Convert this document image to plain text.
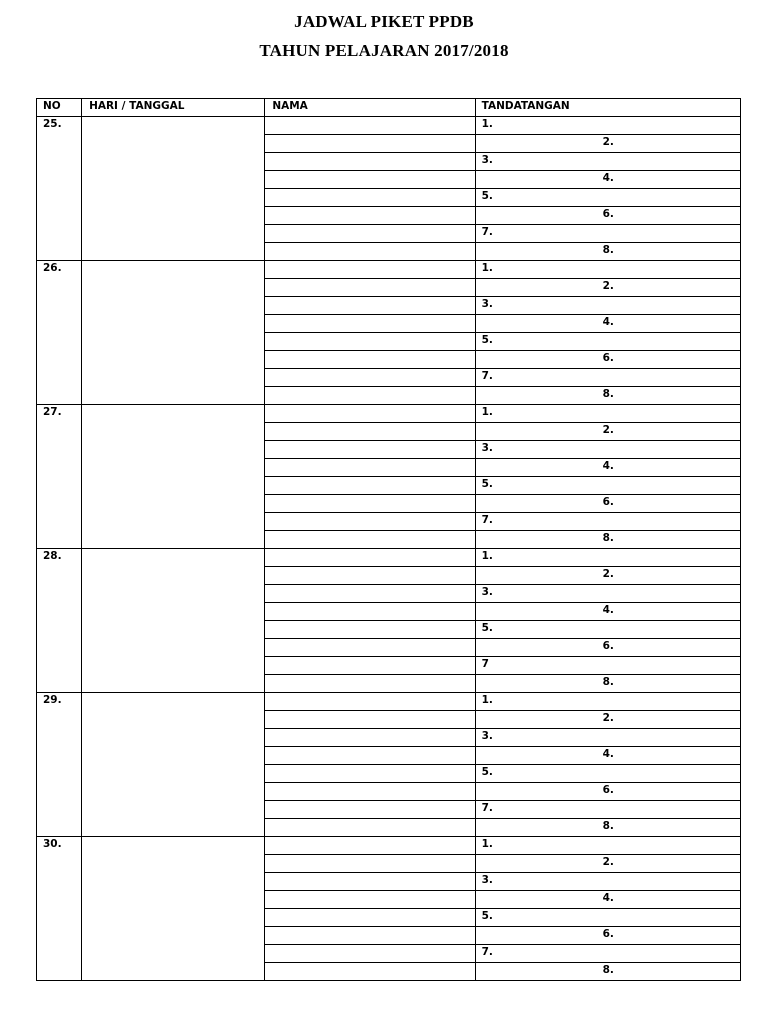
JADWAL PIKET PPDB
TAHUN PELAJARAN 2017/2018
NO	HARI / TANGGAL	NAMA	TANDATANGAN
25.			1.
			2.
			3.
			4.
			5.
			6.
			7.
			8.
26.			1.
			2.
			3.
			4.
			5.
			6.
			7.
			8.
27.			1.
			2.
			3.
			4.
			5.
			6.
			7.
			8.
28.			1.
			2.
			3.
			4.
			5.
			6.
			7
			8.
29.			1.
			2.
			3.
			4.
			5.
			6.
			7.
			8.
30.			1.
			2.
			3.
			4.
			5.
			6.
			7.
			8.
